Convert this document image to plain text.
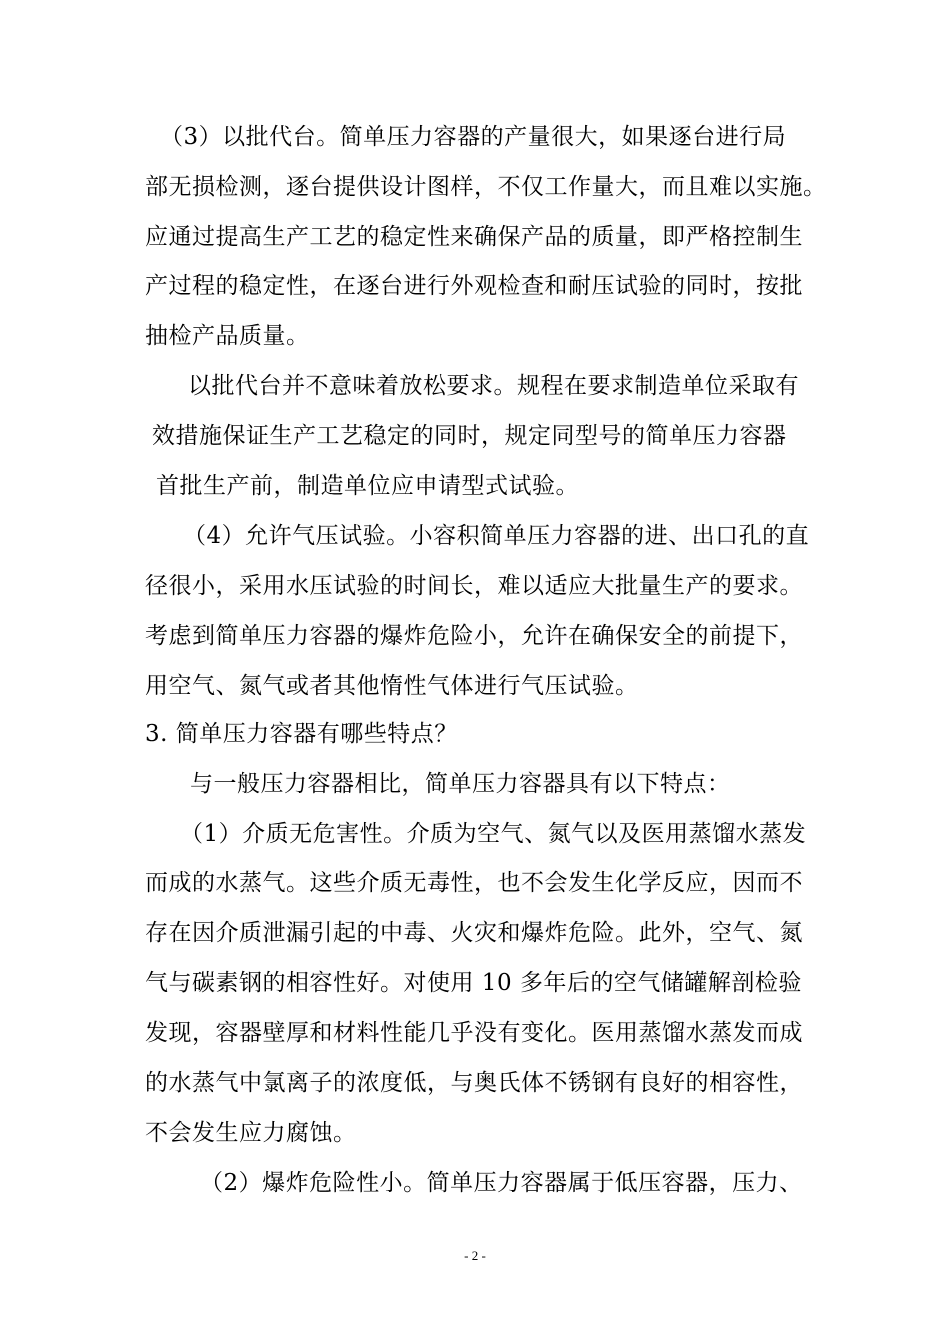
（3）以批代台。简单压力容器的产量很大，如果逐台进行局
部无损检测，逐台提供设计图样，不仅工作量大，而且难以实施。
应通过提高生产工艺的稳定性来确保产品的质量，即严格控制生
产过程的稳定性，在逐台进行外观检查和耐压试验的同时，按批
抽检产品质量。
以批代台并不意味着放松要求。规程在要求制造单位采取有
效措施保证生产工艺稳定的同时，规定同型号的简单压力容器
首批生产前，制造单位应申请型式试验。
（4）允许气压试验。小容积简单压力容器的进、出口孔的直
径很小，采用水压试验的时间长，难以适应大批量生产的要求。
考虑到简单压力容器的爆炸危险小，允许在确保安全的前提下，
用空气、氮气或者其他惰性气体进行气压试验。
3. 简单压力容器有哪些特点？
与一般压力容器相比，简单压力容器具有以下特点：
（1）介质无危害性。介质为空气、氮气以及医用蒸馏水蒸发
而成的水蒸气。这些介质无毒性，也不会发生化学反应，因而不
存在因介质泄漏引起的中毒、火灾和爆炸危险。此外，空气、氮
气与碳素钢的相容性好。对使用 10 多年后的空气储罐解剖检验
发现，容器壁厚和材料性能几乎没有变化。医用蒸馏水蒸发而成
的水蒸气中氯离子的浓度低，与奥氏体不锈钢有良好的相容性，
不会发生应力腐蚀。
（2）爆炸危险性小。简单压力容器属于低压容器，压力、
- 2 -
